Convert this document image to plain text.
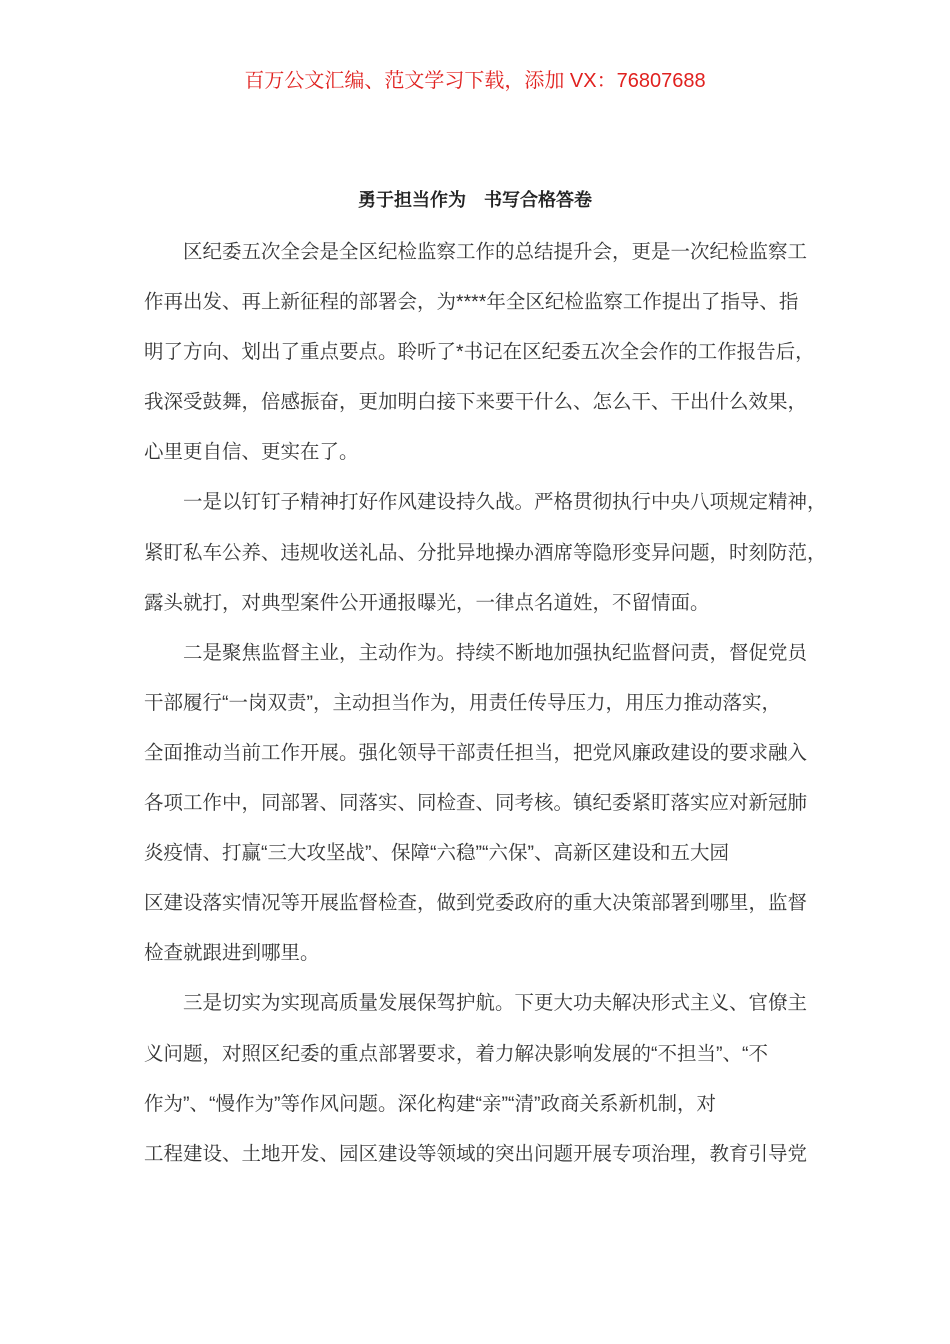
百万公文汇编、范文学习下载，添加 VX：76807688
勇于担当作为　书写合格答卷
区纪委五次全会是全区纪检监察工作的总结提升会，更是一次纪检监察工
作再出发、再上新征程的部署会，为****年全区纪检监察工作提出了指导、指
明了方向、划出了重点要点。聆听了*书记在区纪委五次全会作的工作报告后，
我深受鼓舞，倍感振奋，更加明白接下来要干什么、怎么干、干出什么效果，
心里更自信、更实在了。
一是以钉钉子精神打好作风建设持久战。严格贯彻执行中央八项规定精神，
紧盯私车公养、违规收送礼品、分批异地操办酒席等隐形变异问题，时刻防范，
露头就打，对典型案件公开通报曝光，一律点名道姓，不留情面。
二是聚焦监督主业，主动作为。持续不断地加强执纪监督问责，督促党员
干部履行“一岗双责”，主动担当作为，用责任传导压力，用压力推动落实，
全面推动当前工作开展。强化领导干部责任担当，把党风廉政建设的要求融入
各项工作中，同部署、同落实、同检查、同考核。镇纪委紧盯落实应对新冠肺
炎疫情、打赢“三大攻坚战”、保障“六稳”“六保”、高新区建设和五大园
区建设落实情况等开展监督检查，做到党委政府的重大决策部署到哪里，监督
检查就跟进到哪里。
三是切实为实现高质量发展保驾护航。下更大功夫解决形式主义、官僚主
义问题，对照区纪委的重点部署要求，着力解决影响发展的“不担当”、“不
作为”、“慢作为”等作风问题。深化构建“亲”“清”政商关系新机制，对
工程建设、土地开发、园区建设等领域的突出问题开展专项治理，教育引导党
